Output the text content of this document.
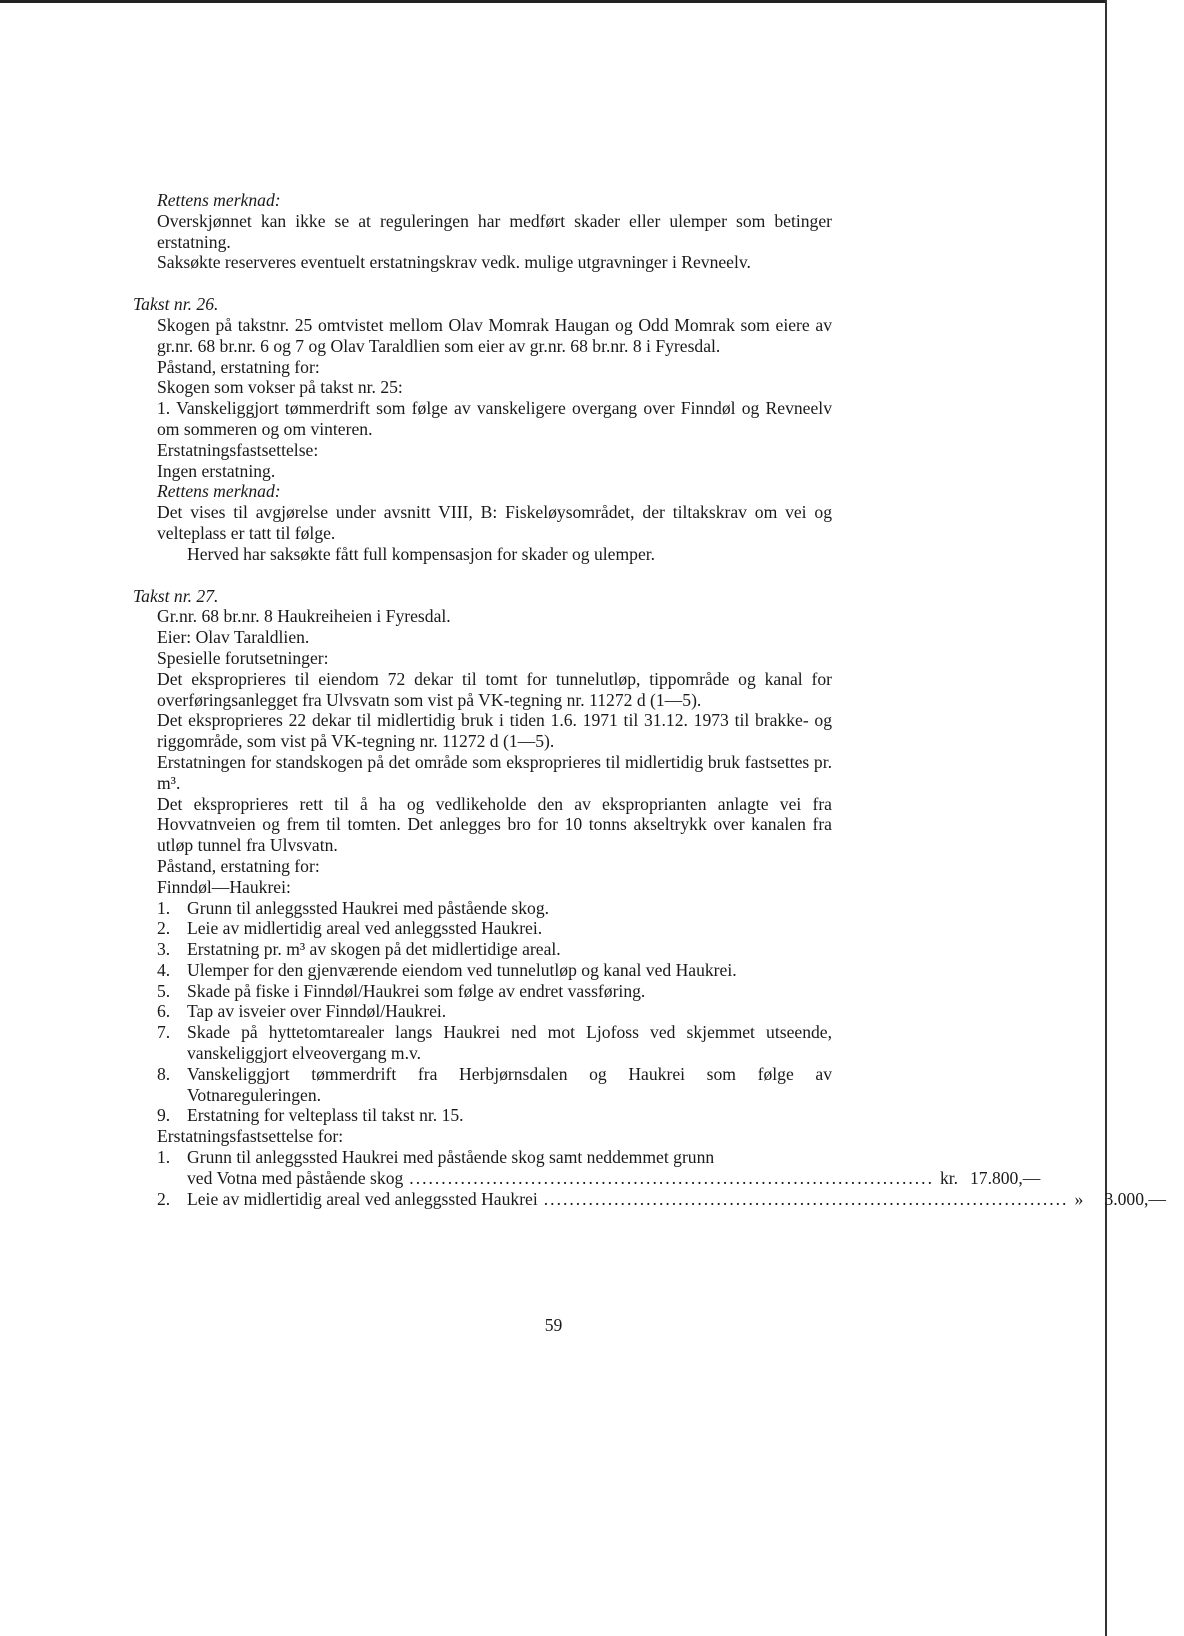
Rettens merknad:

Overskjønnet kan ikke se at reguleringen har medført skader eller ulemper som betinger erstatning.

Saksøkte reserveres eventuelt erstatningskrav vedk. mulige utgravninger i Revneelv.

Takst nr. 26.

Skogen på takstnr. 25 omtvistet mellom Olav Momrak Haugan og Odd Momrak som eiere av gr.nr. 68 br.nr. 6 og 7 og Olav Taraldlien som eier av gr.nr. 68 br.nr. 8 i Fyresdal.

Påstand, erstatning for:

Skogen som vokser på takst nr. 25:

1. Vanskeliggjort tømmerdrift som følge av vanskeligere overgang over Finndøl og Revneelv om sommeren og om vinteren.

Erstatningsfastsettelse:

Ingen erstatning.

Rettens merknad:

Det vises til avgjørelse under avsnitt VIII, B: Fiskeløysområdet, der tiltakskrav om vei og velteplass er tatt til følge.

Herved har saksøkte fått full kompensasjon for skader og ulemper.

Takst nr. 27.

Gr.nr. 68 br.nr. 8 Haukreiheien i Fyresdal.

Eier: Olav Taraldlien.

Spesielle forutsetninger:

Det eksproprieres til eiendom 72 dekar til tomt for tunnelutløp, tippområde og kanal for overføringsanlegget fra Ulvsvatn som vist på VK-tegning nr. 11272 d (1—5).

Det eksproprieres 22 dekar til midlertidig bruk i tiden 1.6. 1971 til 31.12. 1973 til brakke- og riggområde, som vist på VK-tegning nr. 11272 d (1—5).

Erstatningen for standskogen på det område som eksproprieres til midlertidig bruk fastsettes pr. m³.

Det eksproprieres rett til å ha og vedlikeholde den av eksproprianten anlagte vei fra Hovvatnveien og frem til tomten. Det anlegges bro for 10 tonns akseltrykk over kanalen fra utløp tunnel fra Ulvsvatn.

Påstand, erstatning for:

Finndøl—Haukrei:

1. Grunn til anleggssted Haukrei med påstående skog.
2. Leie av midlertidig areal ved anleggssted Haukrei.
3. Erstatning pr. m³ av skogen på det midlertidige areal.
4. Ulemper for den gjenværende eiendom ved tunnelutløp og kanal ved Haukrei.
5. Skade på fiske i Finndøl/Haukrei som følge av endret vassføring.
6. Tap av isveier over Finndøl/Haukrei.
7. Skade på hyttetomtarealer langs Haukrei ned mot Ljofoss ved skjemmet utseende, vanskeliggjort elveovergang m.v.
8. Vanskeliggjort tømmerdrift fra Herbjørnsdalen og Haukrei som følge av Votnareguleringen.
9. Erstatning for velteplass til takst nr. 15.

Erstatningsfastsettelse for:

1. Grunn til anleggssted Haukrei med påstående skog samt neddemmet grunn
ved Votna med påstående skog .................................................................................. kr. 17.800,—
2. Leie av midlertidig areal ved anleggssted Haukrei .................................................................................. » 3.000,—
59
